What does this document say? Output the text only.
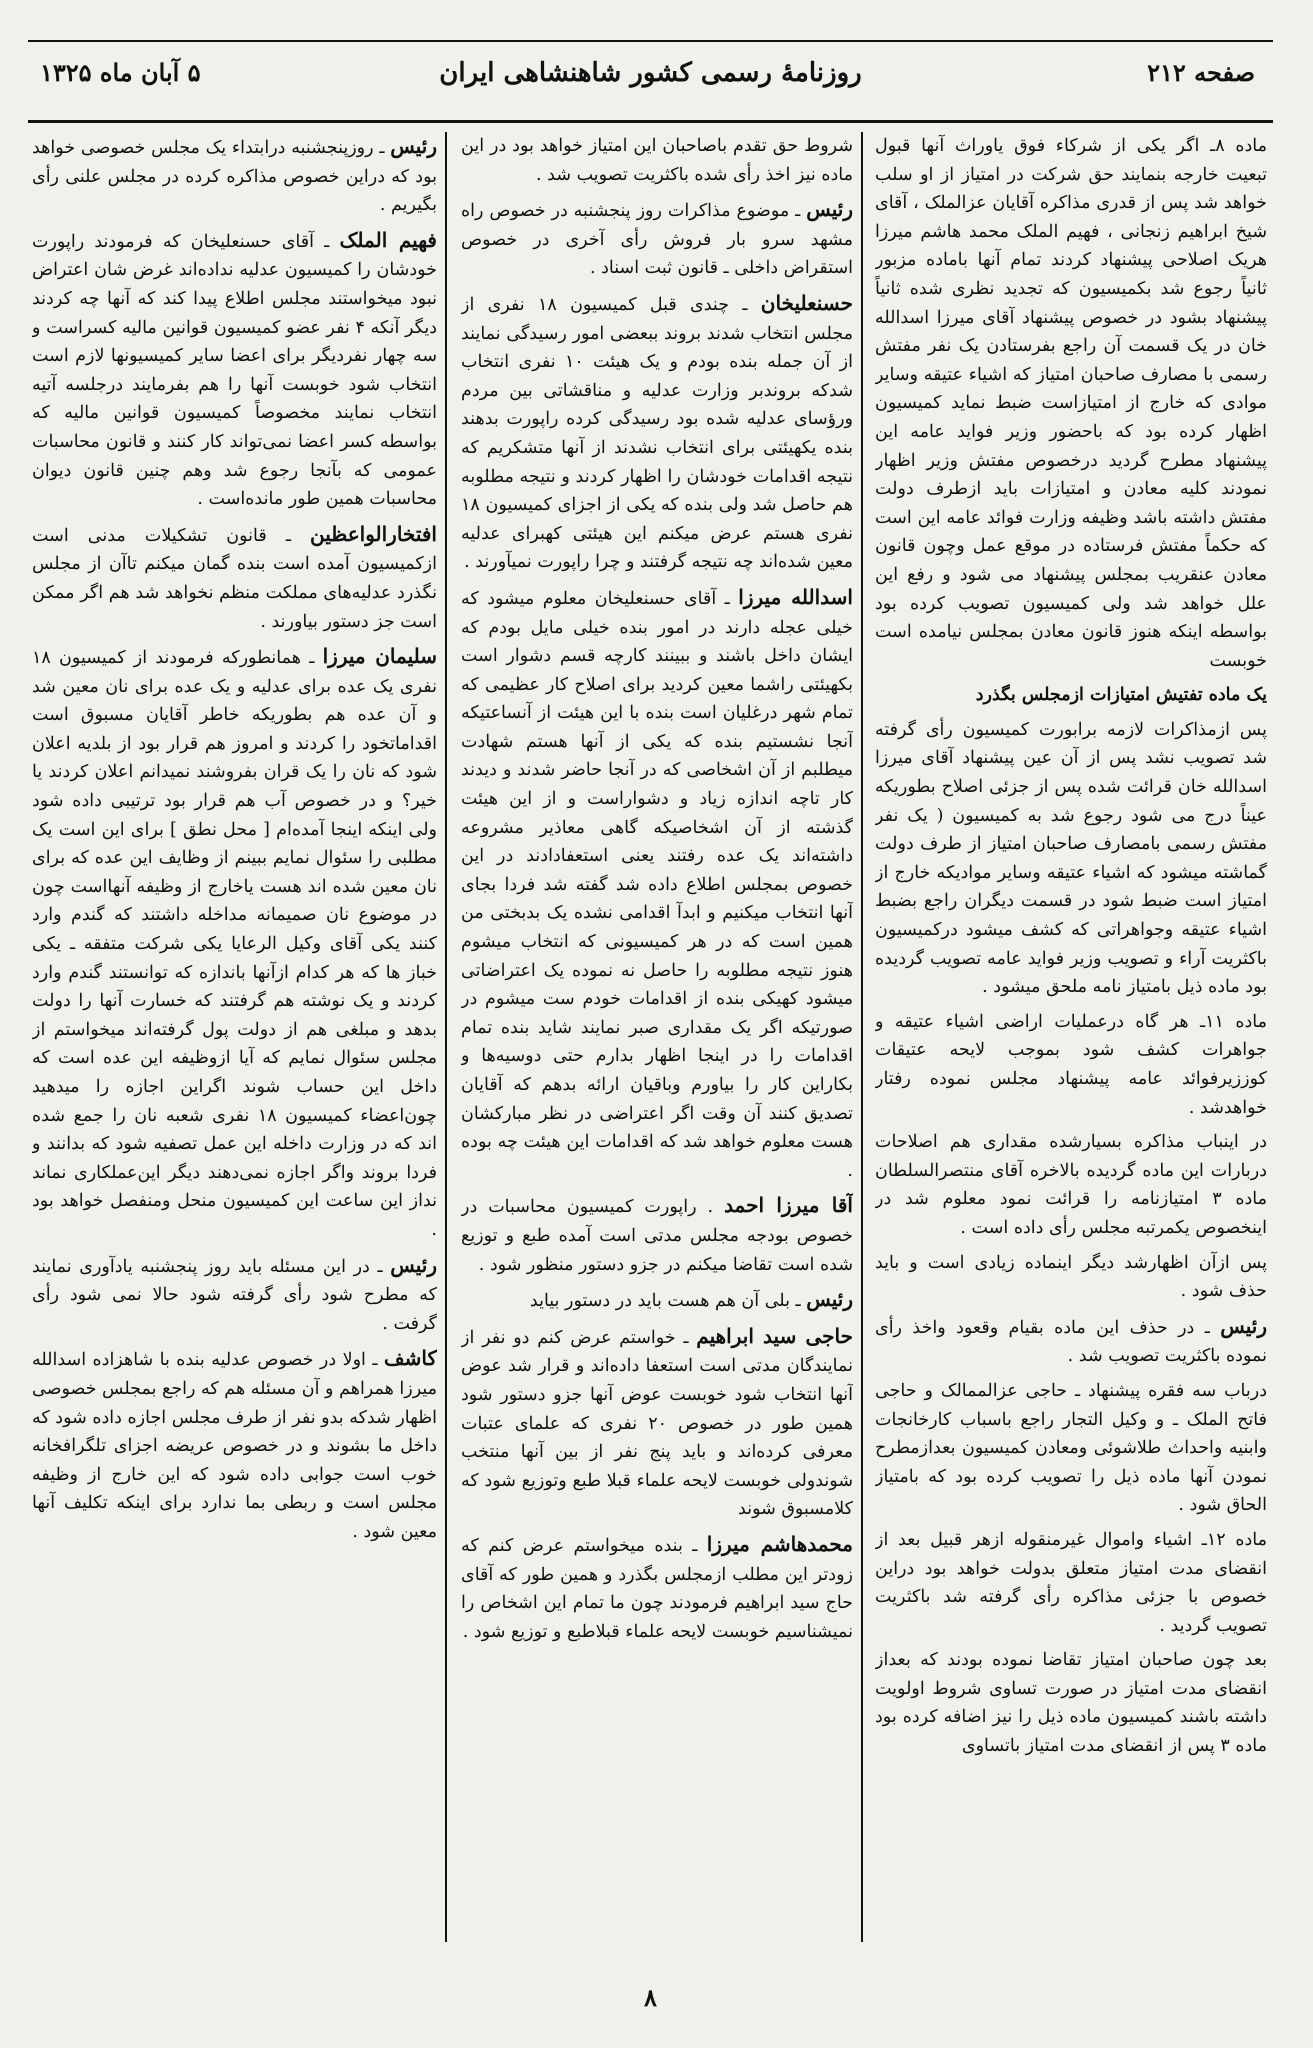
صفحه ۲۱۲
روزنامهٔ رسمی کشور شاهنشاهی ایران
۵ آبان ماه ۱۳۲۵

ماده ۸ـ اگر یکی از شرکاء فوق یاوراث آنها قبول تبعیت خارجه بنمایند حق شرکت در امتیاز از او سلب خواهد شد پس از قدری مذاکره آقایان عزالملک ، آقای شیخ ابراهیم زنجانی ، فهیم الملک محمد هاشم میرزا هریک اصلاحی پیشنهاد کردند تمام آنها باماده مزبور ثانیاً رجوع شد بکمیسیون که تجدید نظری شده ثانیاً پیشنهاد بشود در خصوص پیشنهاد آقای میرزا اسدالله خان در یک قسمت آن راجع بفرستادن یک نفر مفتش رسمی با مصارف صاحبان امتیاز که اشیاء عتیقه وسایر موادی که خارج از امتیازاست ضبط نماید کمیسیون اظهار کرده بود که باحضور وزیر فواید عامه این پیشنهاد مطرح گردید درخصوص مفتش وزیر اظهار نمودند کلیه معادن و امتیازات باید ازطرف دولت مفتش داشته باشد وظیفه وزارت فوائد عامه این است که حکماً مفتش فرستاده در موقع عمل وچون قانون معادن عنقریب بمجلس پیشنهاد می شود و رفع این علل خواهد شد ولی کمیسیون تصویب کرده بود بواسطه اینکه هنوز قانون معادن بمجلس نیامده است خوبست

یک ماده تفتیش امتیازات ازمجلس بگذرد

پس ازمذاکرات لازمه برابورت کمیسیون رأی گرفته شد تصویب نشد پس از آن عین پیشنهاد آقای میرزا اسدالله خان قرائت شده پس از جزئی اصلاح بطوریکه عیناً درج می شود رجوع شد به کمیسیون ( یک نفر مفتش رسمی بامصارف صاحبان امتیاز از طرف دولت گماشته میشود که اشیاء عتیقه وسایر موادیکه خارج از امتیاز است ضبط شود در قسمت دیگران راجع بضبط اشیاء عتیقه وجواهراتی که کشف میشود درکمیسیون باکثریت آراء و تصویب وزیر فواید عامه تصویب گردیده بود ماده ذیل بامتیاز نامه ملحق میشود .

ماده ۱۱ـ هر گاه درعملیات اراضی اشیاء عتیقه و جواهرات کشف شود بموجب لایحه عتیقات کوززیرفوائد عامه پیشنهاد مجلس نموده رفتار خواهدشد .

در اینباب مذاکره بسیارشده مقداری هم اصلاحات دربارات این ماده گردیده بالاخره آقای منتصرالسلطان ماده ۳ امتیازنامه را قرائت نمود معلوم شد در اینخصوص یکمرتبه مجلس رأی داده است .

پس ازآن اظهارشد دیگر اینماده زیادی است و باید حذف شود .

رئیس ـ در حذف این ماده بقیام وقعود واخذ رأی نموده باکثریت تصویب شد .

درباب سه فقره پیشنهاد ـ حاجی عزالممالک و حاجی فاتح الملک ـ و وکیل التجار راجع باسباب کارخانجات وابنیه واحداث طلاشوئی ومعادن کمیسیون بعدازمطرح نمودن آنها ماده ذیل را تصویب کرده بود که بامتیاز الحاق شود .

ماده ۱۲ـ اشیاء واموال غیرمنقوله ازهر قبیل بعد از انقضای مدت امتیاز متعلق بدولت خواهد بود دراین خصوص با جزئی مذاکره رأی گرفته شد باکثریت تصویب گردید .

بعد چون صاحبان امتیاز تقاضا نموده بودند که بعداز انقضای مدت امتیاز در صورت تساوی شروط اولویت داشته باشند کمیسیون ماده ذیل را نیز اضافه کرده بود ماده ۳ پس از انقضای مدت امتیاز باتساوی

شروط حق تقدم باصاحبان این امتیاز خواهد بود در این ماده نیز اخذ رأی شده باکثریت تصویب شد .

رئیس ـ موضوع مذاکرات روز پنجشنبه در خصوص راه مشهد سرو بار فروش رأی آخری در خصوص استقراض داخلی ـ قانون ثبت اسناد .

حسنعلیخان ـ چندی قبل کمیسیون ۱۸ نفری از مجلس انتخاب شدند بروند ببعضی امور رسیدگی نمایند از آن جمله بنده بودم و یک هیئت ۱۰ نفری انتخاب شدکه بروندبر وزارت عدلیه و مناقشاتی بین مردم ورؤسای عدلیه شده بود رسیدگی کرده راپورت بدهند بنده یکهیئتی برای انتخاب نشدند از آنها متشکریم که نتیجه اقدامات خودشان را اظهار کردند و نتیجه مطلوبه هم حاصل شد ولی بنده که یکی از اجزای کمیسیون ۱۸ نفری هستم عرض میکنم این هیئتی کهبرای عدلیه معین شده‌اند چه نتیجه گرفتند و چرا راپورت نمیآورند .

اسدالله میرزا ـ آقای حسنعلیخان معلوم میشود که خیلی عجله دارند در امور بنده خیلی مایل بودم که ایشان داخل باشند و ببینند کارچه قسم دشوار است بکهیئتی راشما معین کردید برای اصلاح کار عظیمی که تمام شهر درغلیان است بنده با این هیئت از آنساعتیکه آنجا نشستیم بنده که یکی از آنها هستم شهادت میطلبم از آن اشخاصی که در آنجا حاضر شدند و دیدند کار تاچه اندازه زیاد و دشواراست و از این هیئت گذشته از آن اشخاصیکه گاهی معاذیر مشروعه داشته‌اند یک عده رفتند یعنی استعفادادند در این خصوص بمجلس اطلاع داده شد گفته شد فردا بجای آنها انتخاب میکنیم و ابدآ اقدامی نشده یک بدبختی من همین است که در هر کمیسیونی که انتخاب میشوم هنوز نتیجه مطلوبه را حاصل نه نموده یک اعتراضاتی میشود کهیکی بنده از اقدامات خودم ست میشوم در صورتیکه اگر یک مقداری صبر نمایند شاید بنده تمام اقدامات را در اینجا اظهار بدارم حتی دوسیه‌ها و بکاراین کار را بیاورم وباقیان ارائه بدهم که آقایان تصدیق کنند آن وقت اگر اعتراضی در نظر مبارکشان هست معلوم خواهد شد که اقدامات این هیئت چه بوده .

آقا میرزا احمد . راپورت کمیسیون محاسبات در خصوص بودجه مجلس مدتی است آمده طبع و توزیع شده است تقاضا میکنم در جزو دستور منظور شود .

رئیس ـ بلی آن هم هست باید در دستور بیاید

حاجی سید ابراهیم ـ خواستم عرض کنم دو نفر از نمایندگان مدتی است استعفا داده‌اند و قرار شد عوض آنها انتخاب شود خوبست عوض آنها جزو دستور شود همین طور در خصوص ۲۰ نفری که علمای عتبات معرفی کرده‌اند و باید پنج نفر از بین آنها منتخب شوندولی خوبست لایحه علماء قبلا طبع وتوزیع شود که کلامسبوق شوند

محمدهاشم میرزا ـ بنده میخواستم عرض کنم که زودتر این مطلب ازمجلس بگذرد و همین طور که آقای حاج سید ابراهیم فرمودند چون ما تمام این اشخاص را نمیشناسیم خوبست لایحه علماء قبلاطبع و توزیع شود .

رئیس ـ روزپنجشنبه درابتداء یک مجلس خصوصی خواهد بود که دراین خصوص مذاکره کرده در مجلس علنی رأی بگیریم .

فهیم الملک ـ آقای حسنعلیخان که فرمودند راپورت خودشان را کمیسیون عدلیه نداده‌اند غرض شان اعتراض نبود میخواستند مجلس اطلاع پیدا کند که آنها چه کردند دیگر آنکه ۴ نفر عضو کمیسیون قوانین مالیه کسراست و سه چهار نفردیگر برای اعضا سایر کمیسیونها لازم است انتخاب شود خوبست آنها را هم بفرمایند درجلسه آتیه انتخاب نمایند مخصوصاً کمیسیون قوانین مالیه که بواسطه کسر اعضا نمی‌تواند کار کنند و قانون محاسبات عمومی که بآنجا رجوع شد وهم چنین قانون دیوان محاسبات همین طور مانده‌است .

افتخارالواعظین ـ قانون تشکیلات مدنی است ازکمیسیون آمده است بنده گمان میکنم تاآن از مجلس نگذرد عدلیه‌های مملکت منظم نخواهد شد هم اگر ممکن است جز دستور بیاورند .

سلیمان میرزا ـ همانطورکه فرمودند از کمیسیون ۱۸ نفری یک عده برای عدلیه و یک عده برای نان معین شد و آن عده هم بطوریکه خاطر آقایان مسبوق است اقداماتخود را کردند و امروز هم قرار بود از بلدیه اعلان شود که نان را یک قران بفروشند نمیدانم اعلان کردند یا خیر؟ و در خصوص آب هم قرار بود ترتیبی داده شود ولی اینکه اینجا آمده‌ام [ محل نطق ] برای این است یک مطلبی را سئوال نمایم ببینم از وظایف این عده که برای نان معین شده اند هست یاخارج از وظیفه آنهااست چون در موضوع نان صمیمانه مداخله داشتند که گندم وارد کنند یکی آقای وکیل الرعایا یکی شرکت متفقه ـ یکی خباز ها که هر کدام ازآنها باندازه که توانستند گندم وارد کردند و یک نوشته هم گرفتند که خسارت آنها را دولت بدهد و مبلغی هم از دولت پول گرفته‌اند میخواستم از مجلس سئوال نمایم که آیا ازوظیفه این عده است که داخل این حساب شوند اگراین اجازه را میدهید چون‌اعضاء کمیسیون ۱۸ نفری شعبه نان را جمع شده اند که در وزارت داخله این عمل تصفیه شود که بدانند و فردا بروند واگر اجازه نمی‌دهند دیگر این‌عملکاری نماند نداز این ساعت این کمیسیون منحل ومنفصل خواهد بود .

رئیس ـ در این مسئله باید روز پنجشنبه یادآوری نمایند که مطرح شود رأی گرفته شود حالا نمی شود رأی گرفت .

کاشف ـ اولا در خصوص عدلیه بنده با شاهزاده اسدالله میرزا همراهم و آن مسئله هم که راجع بمجلس خصوصی اظهار شدکه بدو نفر از طرف مجلس اجازه داده شود که داخل ما بشوند و در خصوص عریضه اجزای تلگرافخانه خوب است جوابی داده شود که این خارج از وظیفه مجلس است و ربطی بما ندارد برای اینکه تکلیف آنها معین شود .

۸
